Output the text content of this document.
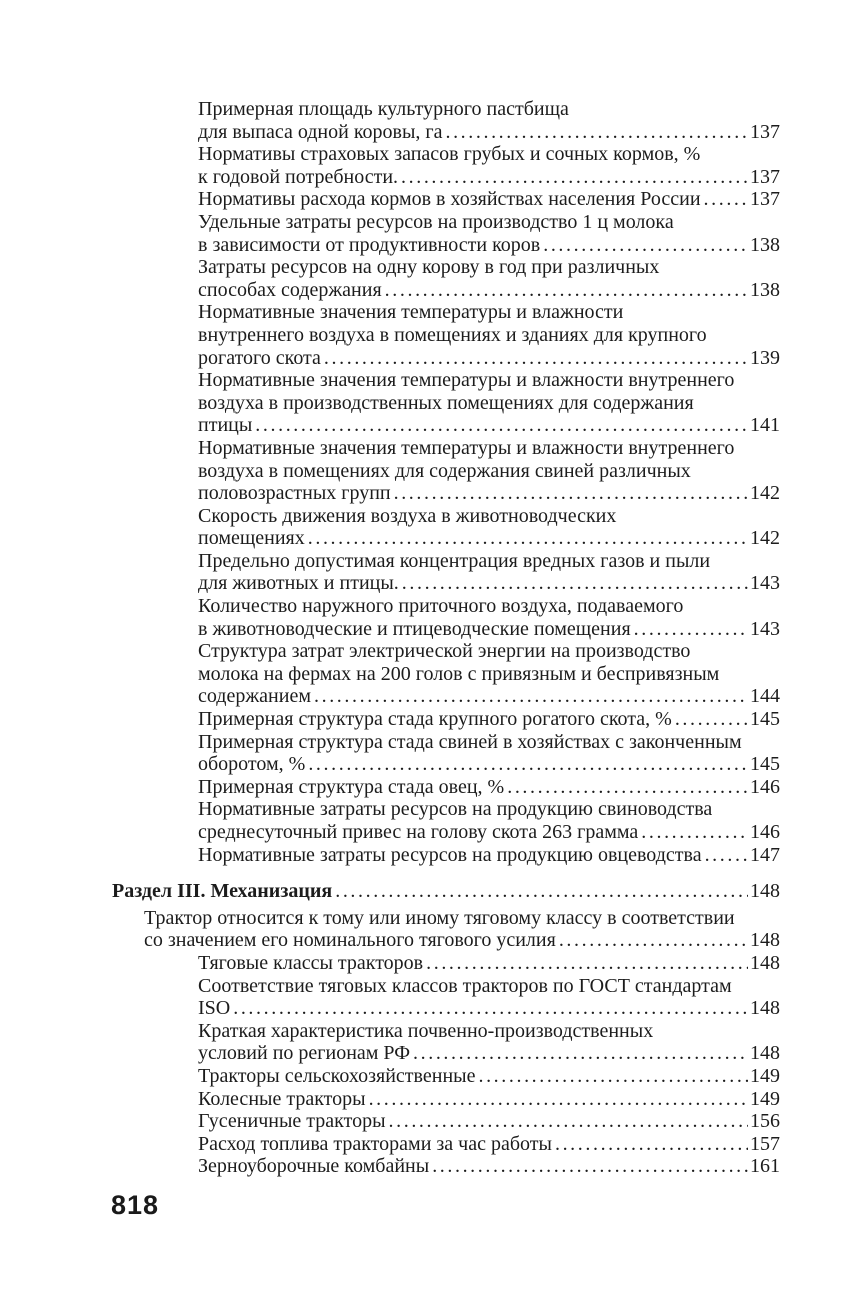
Примерная площадь культурного пастбища
для выпаса одной коровы, га .....	137
Нормативы страховых запасов грубых и сочных кормов, %
к годовой потребности. .....	137
Нормативы расхода кормов в хозяйствах населения России ..... 137
Удельные затраты ресурсов на производство 1 ц молока
в зависимости от продуктивности коров .....	138
Затраты ресурсов на одну корову в год при различных
способах содержания .....	138
Нормативные значения температуры и влажности
внутреннего воздуха в помещениях и зданиях для крупного
рогатого скота .....	139
Нормативные значения температуры и влажности внутреннего
воздуха в производственных помещениях для содержания
птицы .....	141
Нормативные значения температуры и влажности внутреннего
воздуха в помещениях для содержания свиней различных
половозрастных групп .....	142
Скорость движения воздуха в животноводческих
помещениях .....	142
Предельно допустимая концентрация вредных газов и пыли
для животных и птицы. .....	143
Количество наружного приточного воздуха, подаваемого
в животноводческие и птицеводческие помещения .....	143
Структура затрат электрической энергии на производство
молока на фермах на 200 голов с привязным и беспривязным
содержанием .....	144
Примерная структура стада крупного рогатого скота, % .....	145
Примерная структура стада свиней в хозяйствах с законченным
оборотом, % .....	145
Примерная структура стада овец, % .....	146
Нормативные затраты ресурсов на продукцию свиноводства
среднесуточный привес на голову скота 263 грамма .....	146
Нормативные затраты ресурсов на продукцию овцеводства ..... 147
Раздел III. Механизация .....	148
Трактор относится к тому или иному тяговому классу в соответствии
со значением его номинального тягового усилия .....	148
Тяговые классы тракторов .....	148
Соответствие тяговых классов тракторов по ГОСТ стандартам
ISO .....	148
Краткая характеристика почвенно-производственных
условий по регионам РФ .....	148
Тракторы сельскохозяйственные .....	149
Колесные тракторы .....	149
Гусеничные тракторы .....	156
Расход топлива тракторами за час работы .....	157
Зерноуборочные комбайны .....	161
818
